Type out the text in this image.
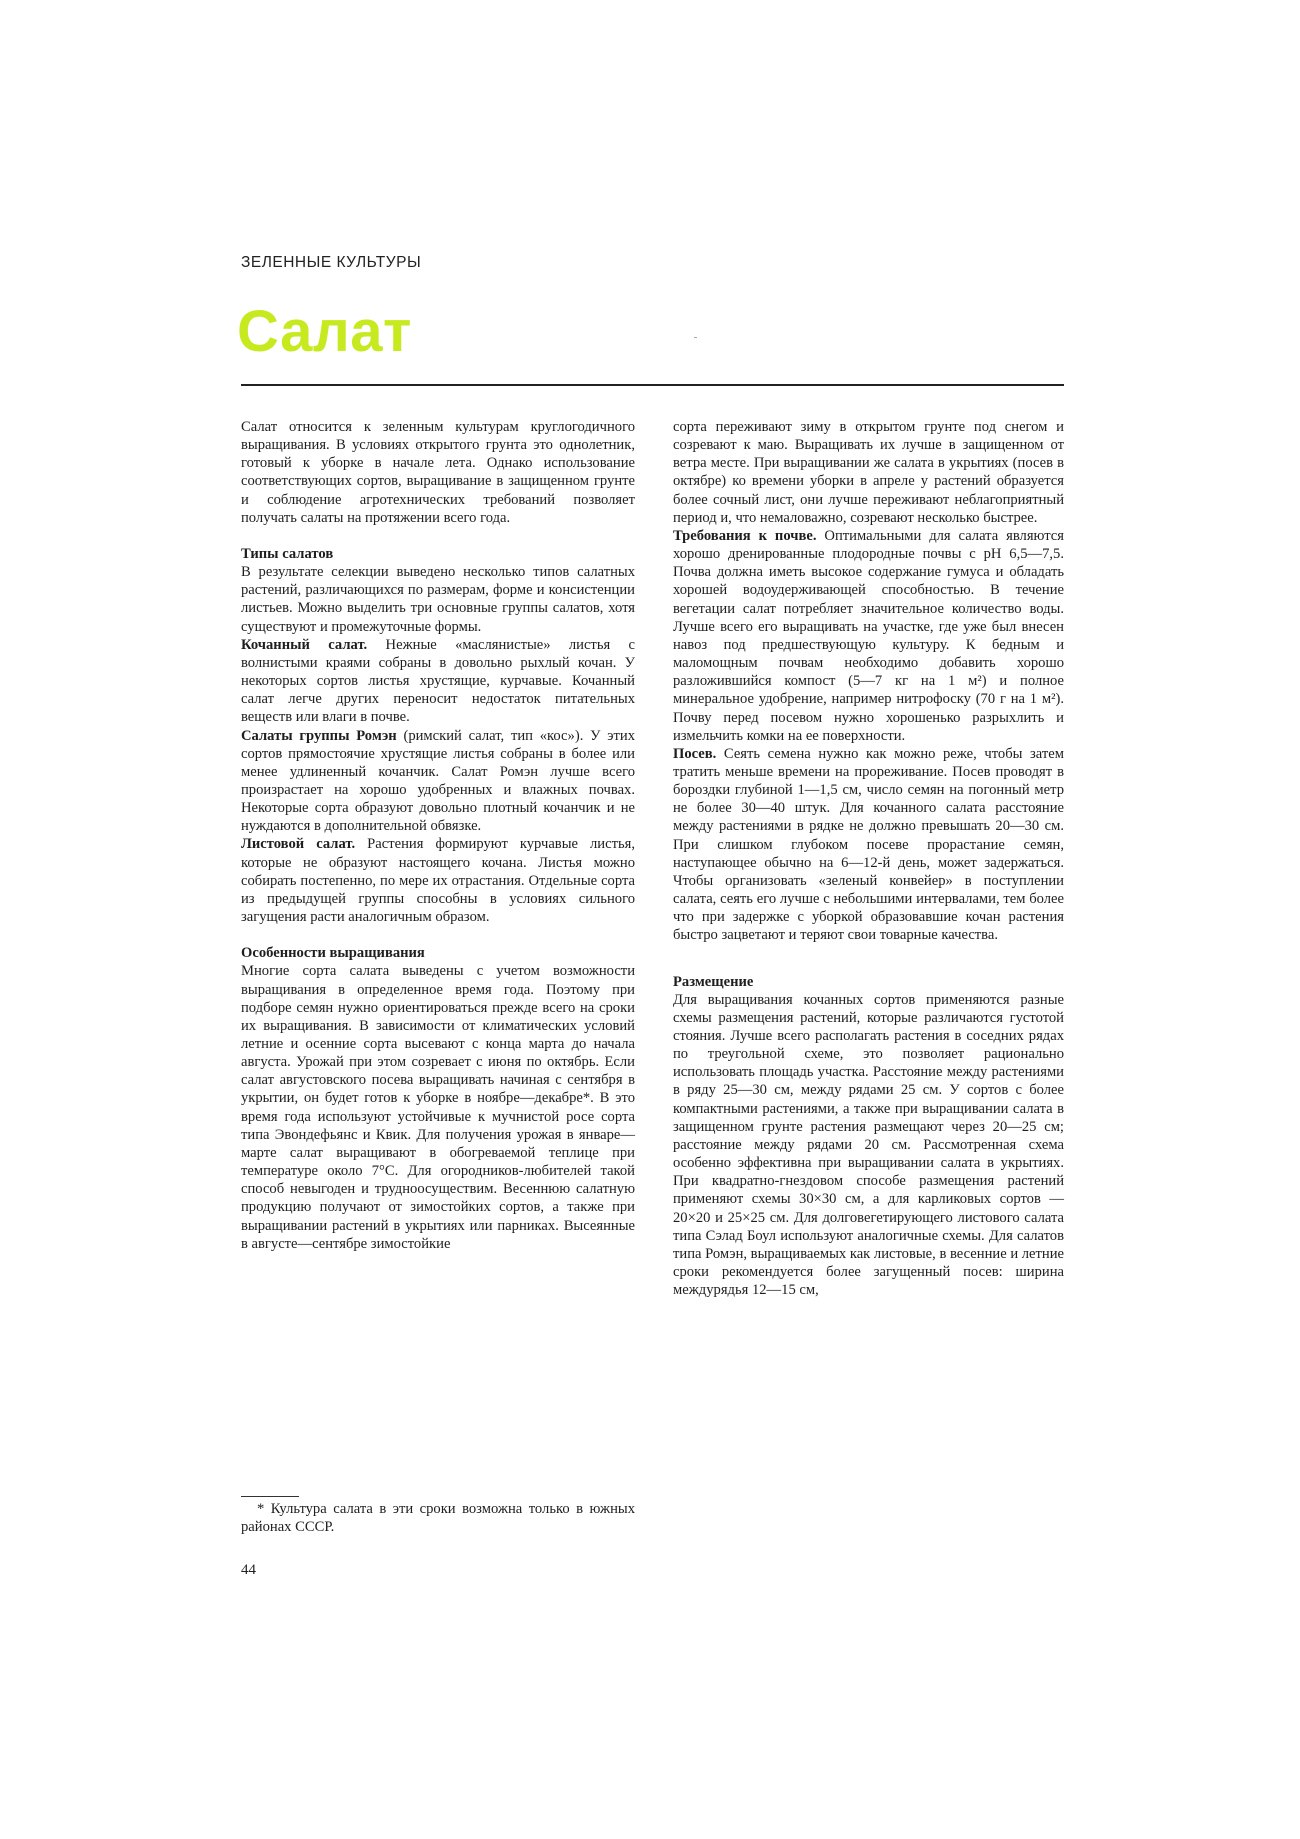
ЗЕЛЕННЫЕ КУЛЬТУРЫ

Салат

Салат относится к зеленным культурам круглогодичного выращивания. В условиях открытого грунта это однолетник, готовый к уборке в начале лета. Однако использование соответствующих сортов, выращивание в защищенном грунте и соблюдение агротехнических требований позволяет получать салаты на протяжении всего года.

Типы салатов

В результате селекции выведено несколько типов салатных растений, различающихся по размерам, форме и консистенции листьев. Можно выделить три основные группы салатов, хотя существуют и промежуточные формы.

Кочанный салат. Нежные «маслянистые» листья с волнистыми краями собраны в довольно рыхлый кочан. У некоторых сортов листья хрустящие, курчавые. Кочанный салат легче других переносит недостаток питательных веществ или влаги в почве.

Салаты группы Ромэн (римский салат, тип «кос»). У этих сортов прямостоячие хрустящие листья собраны в более или менее удлиненный кочанчик. Салат Ромэн лучше всего произрастает на хорошо удобренных и влажных почвах. Некоторые сорта образуют довольно плотный кочанчик и не нуждаются в дополнительной обвязке.

Листовой салат. Растения формируют курчавые листья, которые не образуют настоящего кочана. Листья можно собирать постепенно, по мере их отрастания. Отдельные сорта из предыдущей группы способны в условиях сильного загущения расти аналогичным образом.

Особенности выращивания

Многие сорта салата выведены с учетом возможности выращивания в определенное время года. Поэтому при подборе семян нужно ориентироваться прежде всего на сроки их выращивания. В зависимости от климатических условий летние и осенние сорта высевают с конца марта до начала августа. Урожай при этом созревает с июня по октябрь. Если салат августовского посева выращивать начиная с сентября в укрытии, он будет готов к уборке в ноябре—декабре*. В это время года используют устойчивые к мучнистой росе сорта типа Эвондефьянс и Квик. Для получения урожая в январе—марте салат выращивают в обогреваемой теплице при температуре около 7°С. Для огородников-любителей такой способ невыгоден и трудноосуществим. Весеннюю салатную продукцию получают от зимостойких сортов, а также при выращивании растений в укрытиях или парниках. Высеянные в августе—сентябре зимостойкие

сорта переживают зиму в открытом грунте под снегом и созревают к маю. Выращивать их лучше в защищенном от ветра месте. При выращивании же салата в укрытиях (посев в октябре) ко времени уборки в апреле у растений образуется более сочный лист, они лучше переживают неблагоприятный период и, что немаловажно, созревают несколько быстрее.

Требования к почве. Оптимальными для салата являются хорошо дренированные плодородные почвы с рН 6,5—7,5. Почва должна иметь высокое содержание гумуса и обладать хорошей водоудерживающей способностью. В течение вегетации салат потребляет значительное количество воды. Лучше всего его выращивать на участке, где уже был внесен навоз под предшествующую культуру. К бедным и маломощным почвам необходимо добавить хорошо разложившийся компост (5—7 кг на 1 м²) и полное минеральное удобрение, например нитрофоску (70 г на 1 м²). Почву перед посевом нужно хорошенько разрыхлить и измельчить комки на ее поверхности.

Посев. Сеять семена нужно как можно реже, чтобы затем тратить меньше времени на прореживание. Посев проводят в бороздки глубиной 1—1,5 см, число семян на погонный метр не более 30—40 штук. Для кочанного салата расстояние между растениями в рядке не должно превышать 20—30 см. При слишком глубоком посеве прорастание семян, наступающее обычно на 6—12-й день, может задержаться. Чтобы организовать «зеленый конвейер» в поступлении салата, сеять его лучше с небольшими интервалами, тем более что при задержке с уборкой образовавшие кочан растения быстро зацветают и теряют свои товарные качества.

Размещение

Для выращивания кочанных сортов применяются разные схемы размещения растений, которые различаются густотой стояния. Лучше всего располагать растения в соседних рядах по треугольной схеме, это позволяет рационально использовать площадь участка. Расстояние между растениями в ряду 25—30 см, между рядами 25 см. У сортов с более компактными растениями, а также при выращивании салата в защищенном грунте растения размещают через 20—25 см; расстояние между рядами 20 см. Рассмотренная схема особенно эффективна при выращивании салата в укрытиях. При квадратно-гнездовом способе размещения растений применяют схемы 30×30 см, а для карликовых сортов — 20×20 и 25×25 см. Для долговегетирующего листового салата типа Сэлад Боул используют аналогичные схемы. Для салатов типа Ромэн, выращиваемых как листовые, в весенние и летние сроки рекомендуется более загущенный посев: ширина междурядья 12—15 см,

* Культура салата в эти сроки возможна только в южных районах СССР.

44
